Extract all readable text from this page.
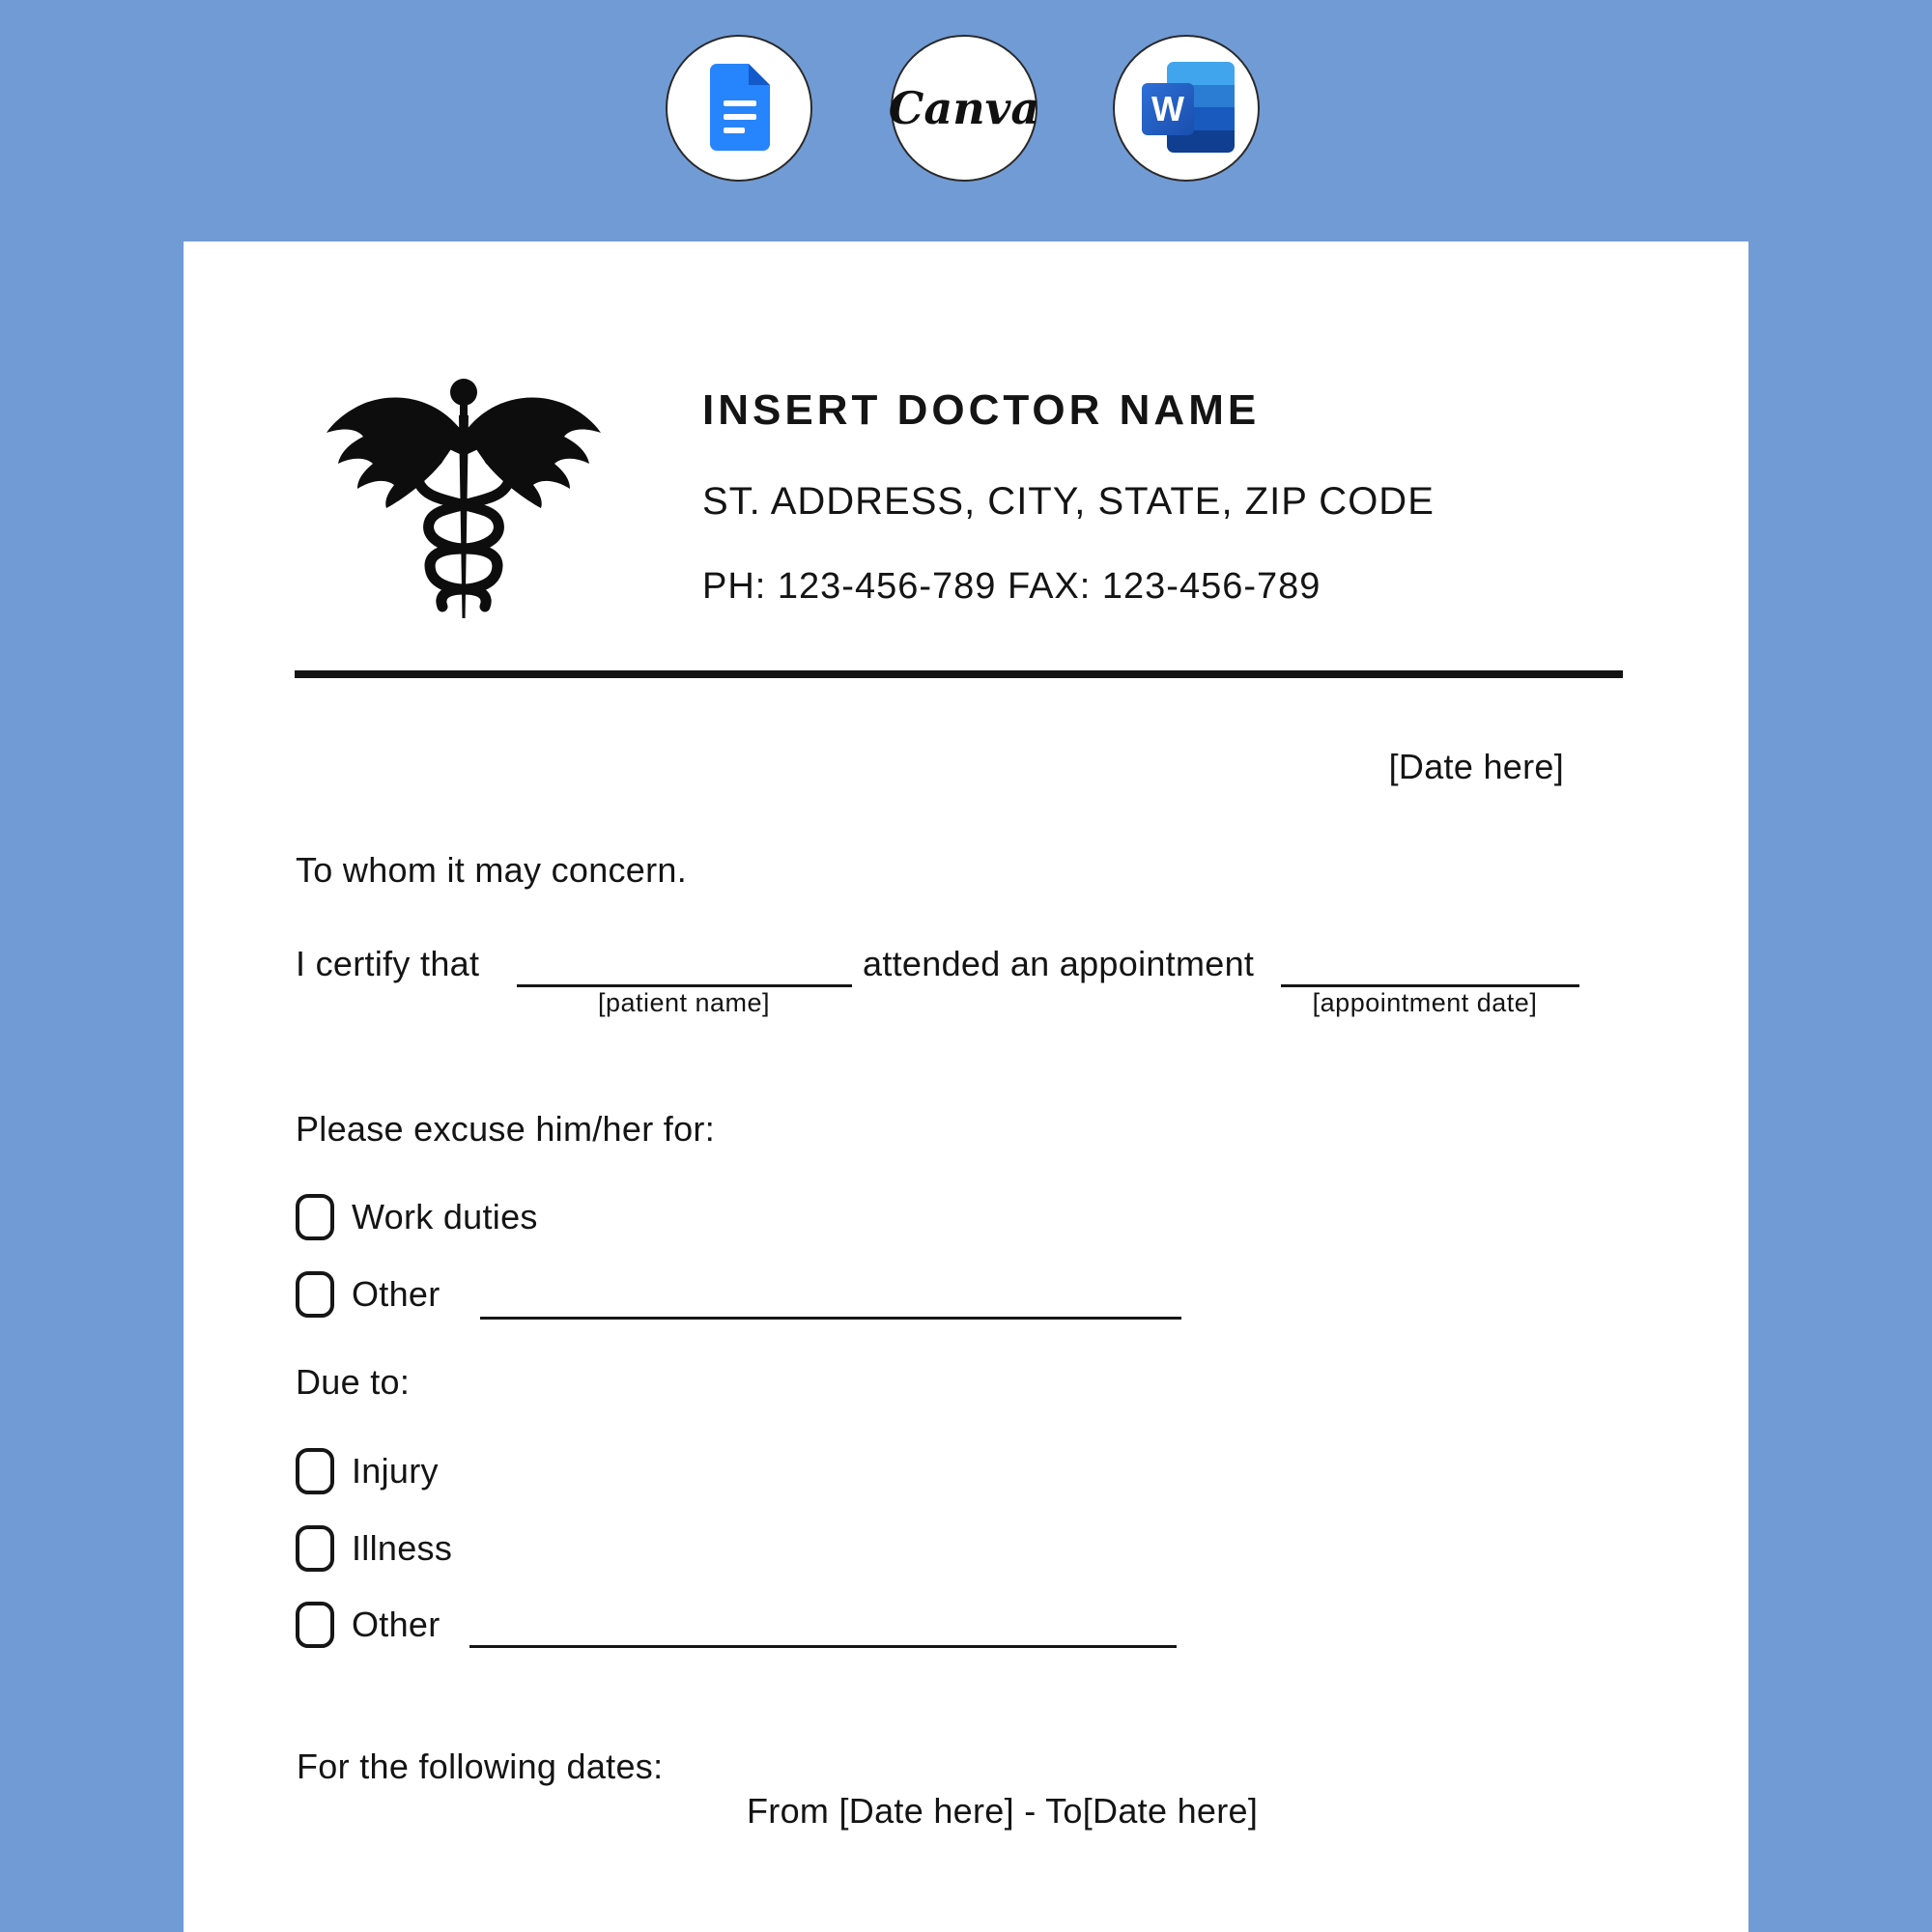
Canva	W
INSERT DOCTOR NAME
ST. ADDRESS, CITY, STATE, ZIP CODE
PH: 123-456-789 FAX: 123-456-789
[Date here]
To whom it may concern.
I certify that	attended an appointment
[patient name]	[appointment date]
Please excuse him/her for:
Work duties
Other
Due to:
Injury
Illness
Other
For the following dates:
From [Date here] - To[Date here]
